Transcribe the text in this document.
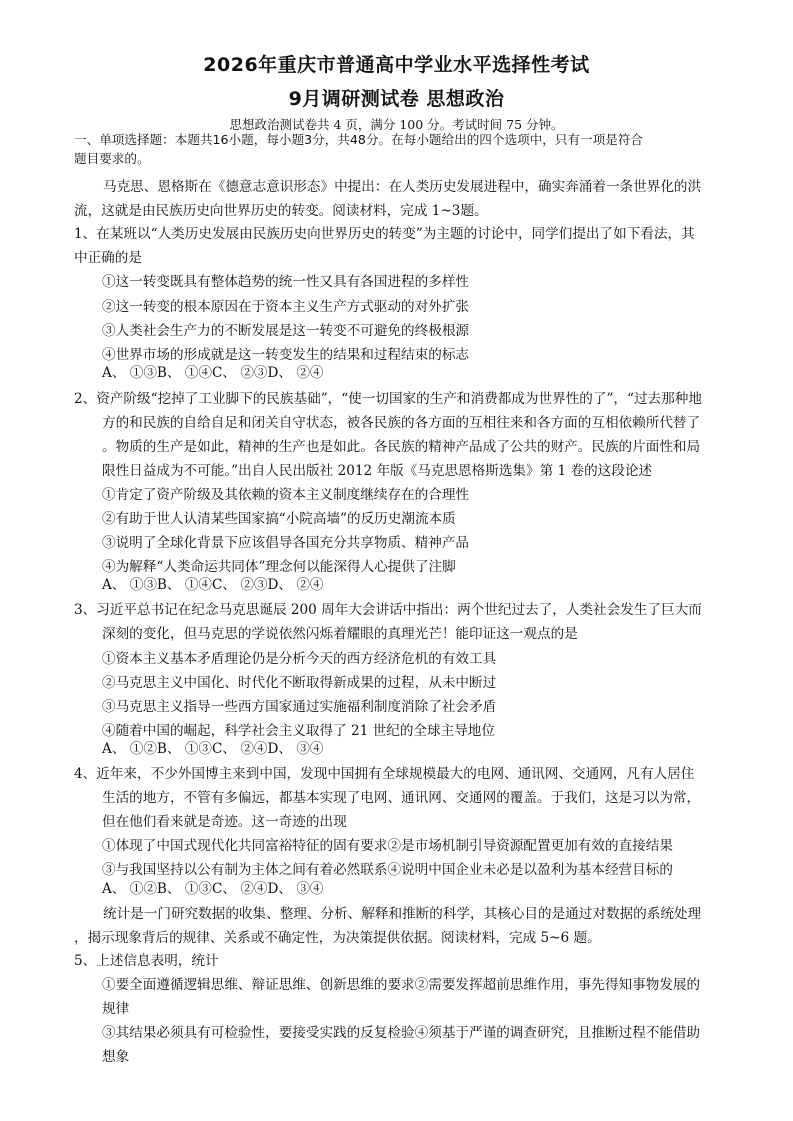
2026年重庆市普通高中学业水平选择性考试
9月调研测试卷 思想政治
思想政治测试卷共 4 页，满分 100 分。考试时间 75 分钟。
一、单项选择题：本题共16小题，每小题3分，共48分。在每小题给出的四个选项中，只有一项是符合
题目要求的。
马克思、恩格斯在《德意志意识形态》中提出：在人类历史发展进程中，确实奔涌着一条世界化的洪
流，这就是由民族历史向世界历史的转变。阅读材料，完成 1~3题。
1、在某班以“人类历史发展由民族历史向世界历史的转变”为主题的讨论中，同学们提出了如下看法，其
中正确的是
①这一转变既具有整体趋势的统一性又具有各国进程的多样性
②这一转变的根本原因在于资本主义生产方式驱动的对外扩张
③人类社会生产力的不断发展是这一转变不可避免的终极根源
④世界市场的形成就是这一转变发生的结果和过程结束的标志
A、 ①③B、 ①④C、 ②③D、 ②④
2、资产阶级“挖掉了工业脚下的民族基础”，“使一切国家的生产和消费都成为世界性的了”，“过去那种地
方的和民族的自给自足和闭关自守状态，被各民族的各方面的互相往来和各方面的互相依赖所代替了
。物质的生产是如此，精神的生产也是如此。各民族的精神产品成了公共的财产。民族的片面性和局
限性日益成为不可能。”出自人民出版社 2012 年版《马克思恩格斯选集》第 1 卷的这段论述
①肯定了资产阶级及其依赖的资本主义制度继续存在的合理性
②有助于世人认清某些国家搞“小院高墙”的反历史潮流本质
③说明了全球化背景下应该倡导各国充分共享物质、精神产品
④为解释“人类命运共同体”理念何以能深得人心提供了注脚
A、 ①③B、 ①④C、 ②③D、 ②④
3、习近平总书记在纪念马克思诞辰 200 周年大会讲话中指出：两个世纪过去了，人类社会发生了巨大而
深刻的变化，但马克思的学说依然闪烁着耀眼的真理光芒！能印证这一观点的是
①资本主义基本矛盾理论仍是分析今天的西方经济危机的有效工具
②马克思主义中国化、时代化不断取得新成果的过程，从未中断过
③马克思主义指导一些西方国家通过实施福利制度消除了社会矛盾
④随着中国的崛起，科学社会主义取得了 21 世纪的全球主导地位
A、 ①②B、 ①③C、 ②④D、 ③④
4、近年来，不少外国博主来到中国，发现中国拥有全球规模最大的电网、通讯网、交通网，凡有人居住
生活的地方，不管有多偏远，都基本实现了电网、通讯网、交通网的覆盖。于我们，这是习以为常，
但在他们看来就是奇迹。这一奇迹的出现
①体现了中国式现代化共同富裕特征的固有要求②是市场机制引导资源配置更加有效的直接结果
③与我国坚持以公有制为主体之间有着必然联系④说明中国企业未必是以盈利为基本经营目标的
A、 ①②B、 ①③C、 ②④D、 ③④
统计是一门研究数据的收集、整理、分析、解释和推断的科学，其核心目的是通过对数据的系统处理
，揭示现象背后的规律、关系或不确定性，为决策提供依据。阅读材料，完成 5~6 题。
5、上述信息表明，统计
①要全面遵循逻辑思维、辩证思维、创新思维的要求②需要发挥超前思维作用，事先得知事物发展的
规律
③其结果必须具有可检验性，要接受实践的反复检验④须基于严谨的调查研究，且推断过程不能借助
想象
